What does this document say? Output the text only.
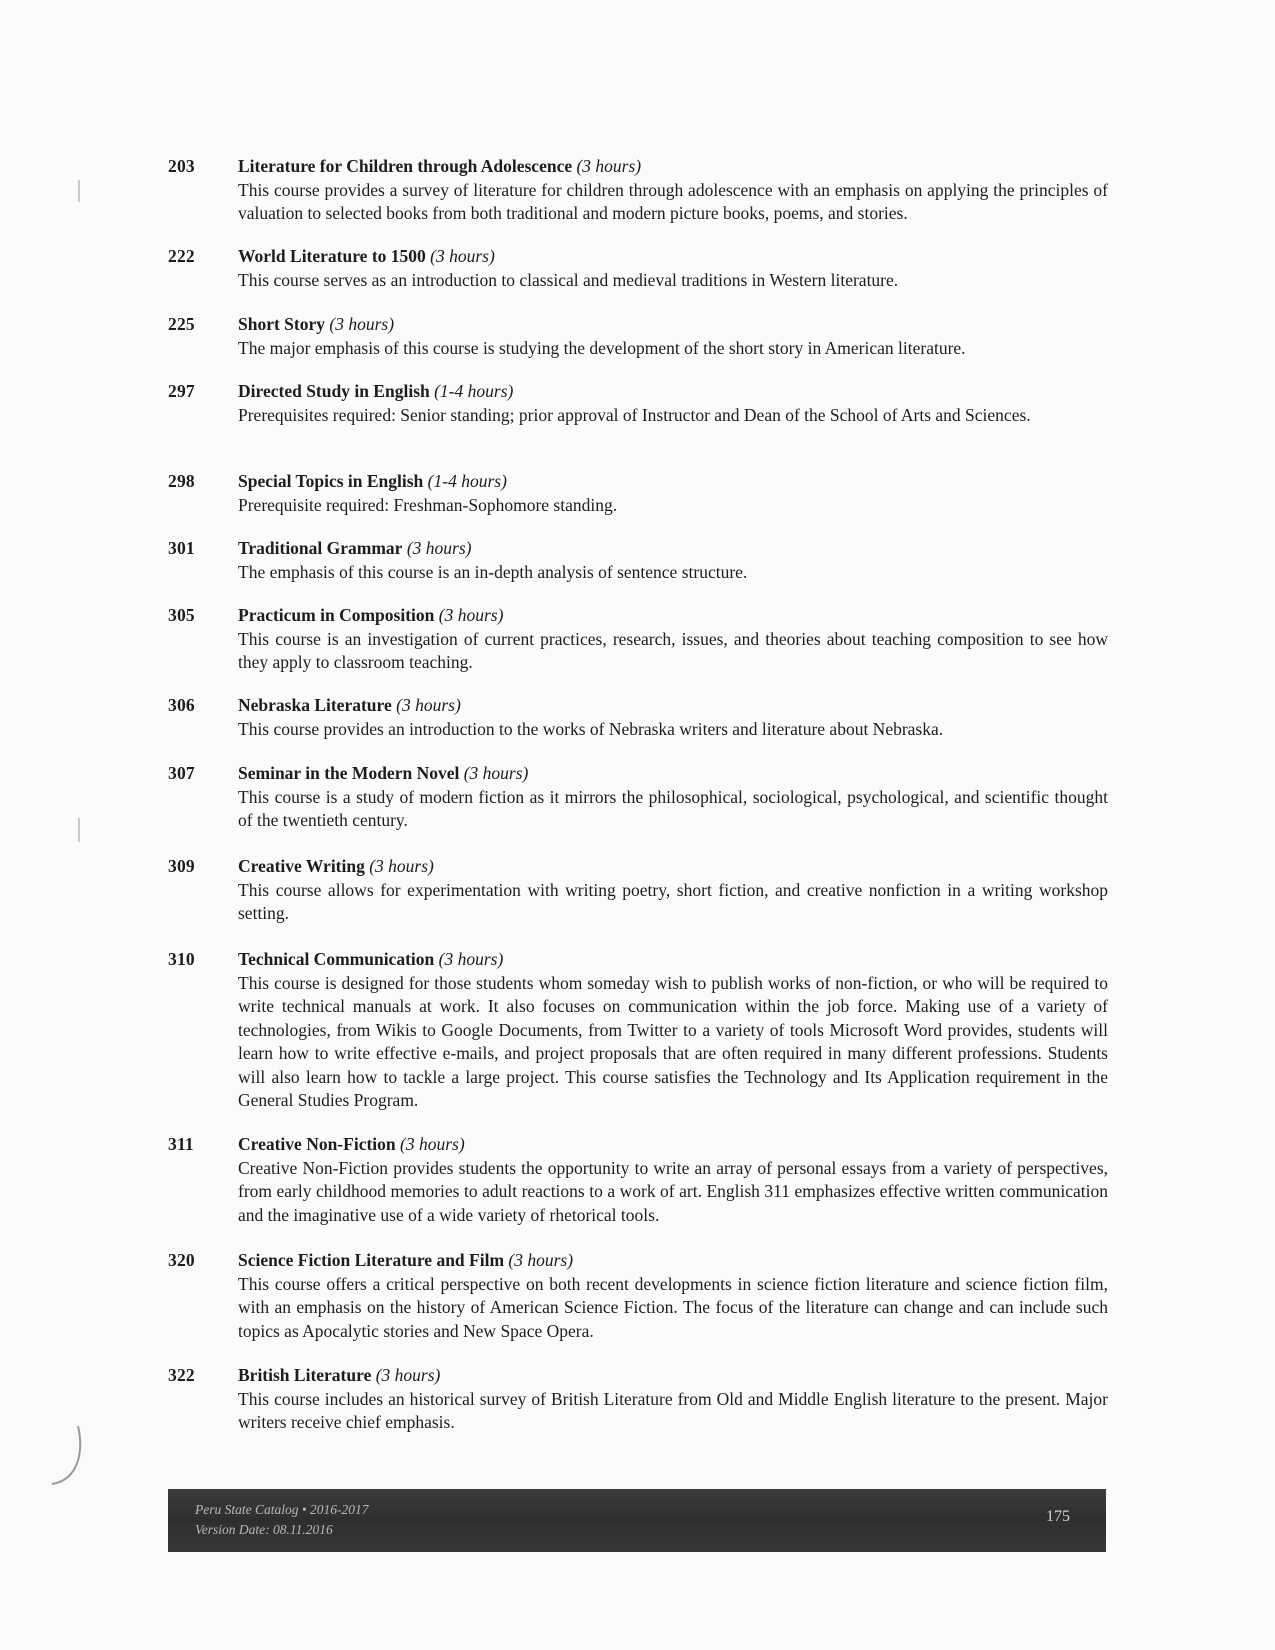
203	Literature for Children through Adolescence (3 hours)
This course provides a survey of literature for children through adolescence with an emphasis on applying the principles of valuation to selected books from both traditional and modern picture books, poems, and stories.
222	World Literature to 1500 (3 hours)
This course serves as an introduction to classical and medieval traditions in Western literature.
225	Short Story (3 hours)
The major emphasis of this course is studying the development of the short story in American literature.
297	Directed Study in English (1-4 hours)
Prerequisites required: Senior standing; prior approval of Instructor and Dean of the School of Arts and Sciences.
298	Special Topics in English (1-4 hours)
Prerequisite required: Freshman-Sophomore standing.
301	Traditional Grammar (3 hours)
The emphasis of this course is an in-depth analysis of sentence structure.
305	Practicum in Composition (3 hours)
This course is an investigation of current practices, research, issues, and theories about teaching composition to see how they apply to classroom teaching.
306	Nebraska Literature (3 hours)
This course provides an introduction to the works of Nebraska writers and literature about Nebraska.
307	Seminar in the Modern Novel (3 hours)
This course is a study of modern fiction as it mirrors the philosophical, sociological, psychological, and scientific thought of the twentieth century.
309	Creative Writing (3 hours)
This course allows for experimentation with writing poetry, short fiction, and creative nonfiction in a writing workshop setting.
310	Technical Communication (3 hours)
This course is designed for those students whom someday wish to publish works of non-fiction, or who will be required to write technical manuals at work. It also focuses on communication within the job force. Making use of a variety of technologies, from Wikis to Google Documents, from Twitter to a variety of tools Microsoft Word provides, students will learn how to write effective e-mails, and project proposals that are often required in many different professions. Students will also learn how to tackle a large project. This course satisfies the Technology and Its Application requirement in the General Studies Program.
311	Creative Non-Fiction (3 hours)
Creative Non-Fiction provides students the opportunity to write an array of personal essays from a variety of perspectives, from early childhood memories to adult reactions to a work of art. English 311 emphasizes effective written communication and the imaginative use of a wide variety of rhetorical tools.
320	Science Fiction Literature and Film (3 hours)
This course offers a critical perspective on both recent developments in science fiction literature and science fiction film, with an emphasis on the history of American Science Fiction. The focus of the literature can change and can include such topics as Apocalytic stories and New Space Opera.
322	British Literature (3 hours)
This course includes an historical survey of British Literature from Old and Middle English literature to the present. Major writers receive chief emphasis.
Peru State Catalog • 2016-2017
Version Date: 08.11.2016
175
